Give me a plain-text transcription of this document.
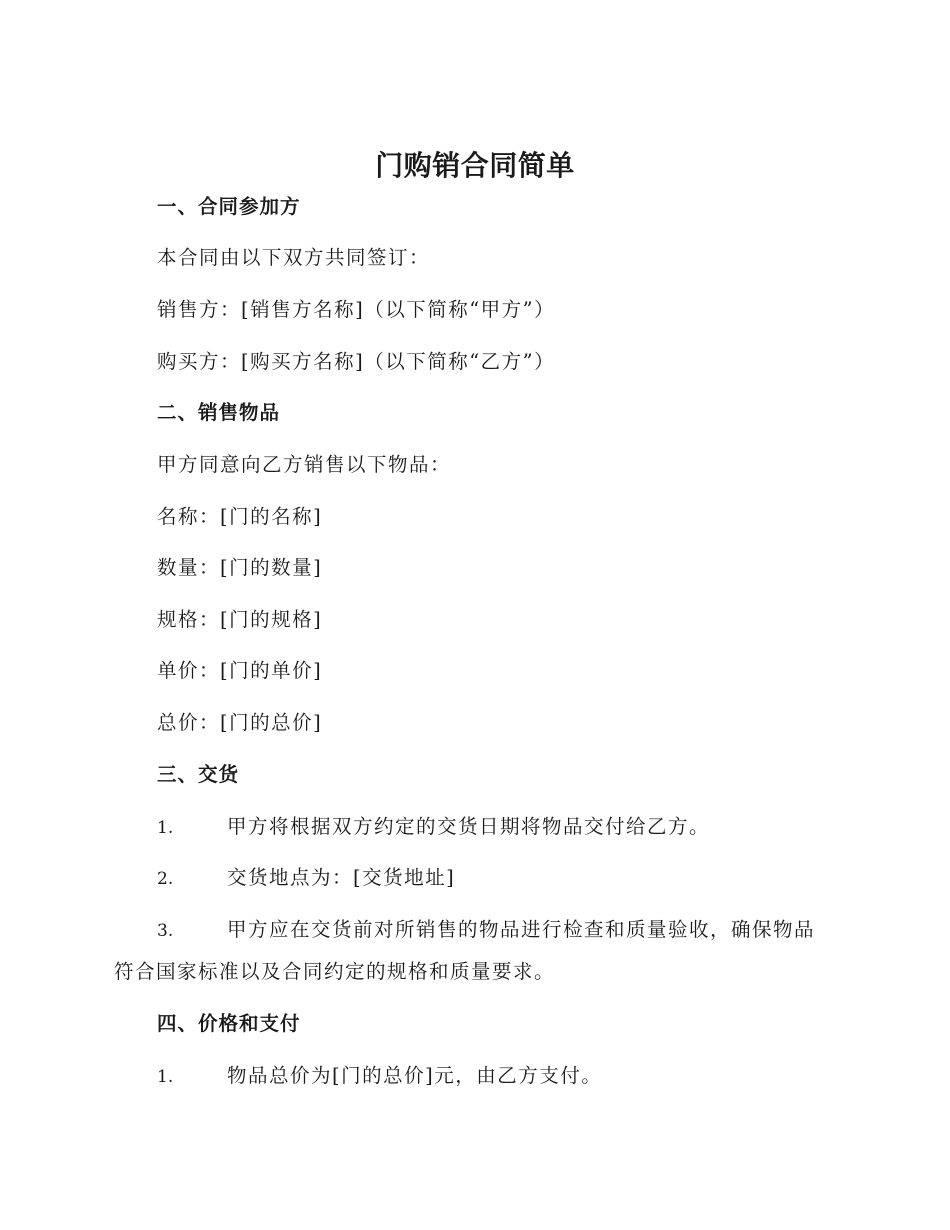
门购销合同简单
一、合同参加方
本合同由以下双方共同签订：
销售方：[销售方名称]（以下简称“甲方”）
购买方：[购买方名称]（以下简称“乙方”）
二、销售物品
甲方同意向乙方销售以下物品：
名称：[门的名称]
数量：[门的数量]
规格：[门的规格]
单价：[门的单价]
总价：[门的总价]
三、交货
1.	甲方将根据双方约定的交货日期将物品交付给乙方。
2.	交货地点为：[交货地址]
3.	甲方应在交货前对所销售的物品进行检查和质量验收，确保物品
符合国家标准以及合同约定的规格和质量要求。
四、价格和支付
1.	物品总价为[门的总价]元，由乙方支付。
